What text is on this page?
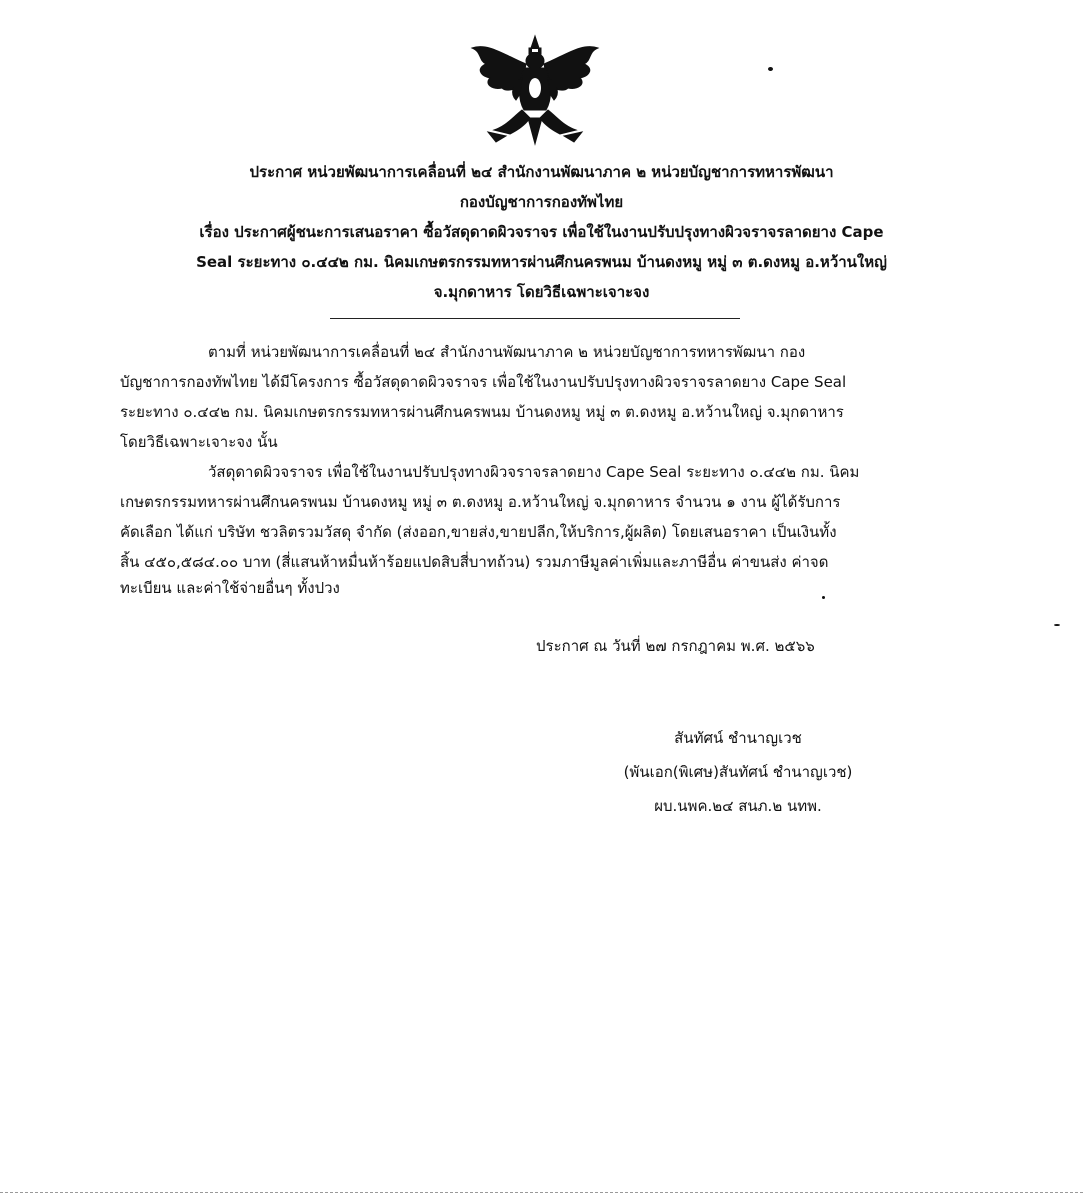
ประกาศ หน่วยพัฒนาการเคลื่อนที่ ๒๔ สำนักงานพัฒนาภาค ๒ หน่วยบัญชาการทหารพัฒนา
กองบัญชาการกองทัพไทย
เรื่อง ประกาศผู้ชนะการเสนอราคา ซื้อวัสดุดาดผิวจราจร เพื่อใช้ในงานปรับปรุงทางผิวจราจรลาดยาง Cape
Seal ระยะทาง ๐.๔๔๒ กม. นิคมเกษตรกรรมทหารผ่านศึกนครพนม บ้านดงหมู หมู่ ๓ ต.ดงหมู อ.หว้านใหญ่
จ.มุกดาหาร โดยวิธีเฉพาะเจาะจง
ตามที่ หน่วยพัฒนาการเคลื่อนที่ ๒๔ สำนักงานพัฒนาภาค ๒ หน่วยบัญชาการทหารพัฒนา กอง
บัญชาการกองทัพไทย ได้มีโครงการ ซื้อวัสดุดาดผิวจราจร เพื่อใช้ในงานปรับปรุงทางผิวจราจรลาดยาง Cape Seal
ระยะทาง ๐.๔๔๒ กม. นิคมเกษตรกรรมทหารผ่านศึกนครพนม บ้านดงหมู หมู่ ๓ ต.ดงหมู อ.หว้านใหญ่ จ.มุกดาหาร
โดยวิธีเฉพาะเจาะจง นั้น
วัสดุดาดผิวจราจร เพื่อใช้ในงานปรับปรุงทางผิวจราจรลาดยาง Cape Seal ระยะทาง ๐.๔๔๒ กม. นิคม
เกษตรกรรมทหารผ่านศึกนครพนม บ้านดงหมู หมู่ ๓ ต.ดงหมู อ.หว้านใหญ่ จ.มุกดาหาร จำนวน ๑ งาน ผู้ได้รับการ
คัดเลือก ได้แก่ บริษัท ชวลิตรวมวัสดุ จำกัด (ส่งออก,ขายส่ง,ขายปลีก,ให้บริการ,ผู้ผลิต) โดยเสนอราคา เป็นเงินทั้ง
สิ้น ๔๕๐,๕๘๔.๐๐ บาท (สี่แสนห้าหมื่นห้าร้อยแปดสิบสี่บาทถ้วน) รวมภาษีมูลค่าเพิ่มและภาษีอื่น ค่าขนส่ง ค่าจด
ทะเบียน และค่าใช้จ่ายอื่นๆ ทั้งปวง
ประกาศ ณ วันที่ ๒๗ กรกฎาคม พ.ศ. ๒๕๖๖
สันทัศน์ ชำนาญเวช
(พันเอก(พิเศษ)สันทัศน์ ชำนาญเวช)
ผบ.นพค.๒๔ สนภ.๒ นทพ.
